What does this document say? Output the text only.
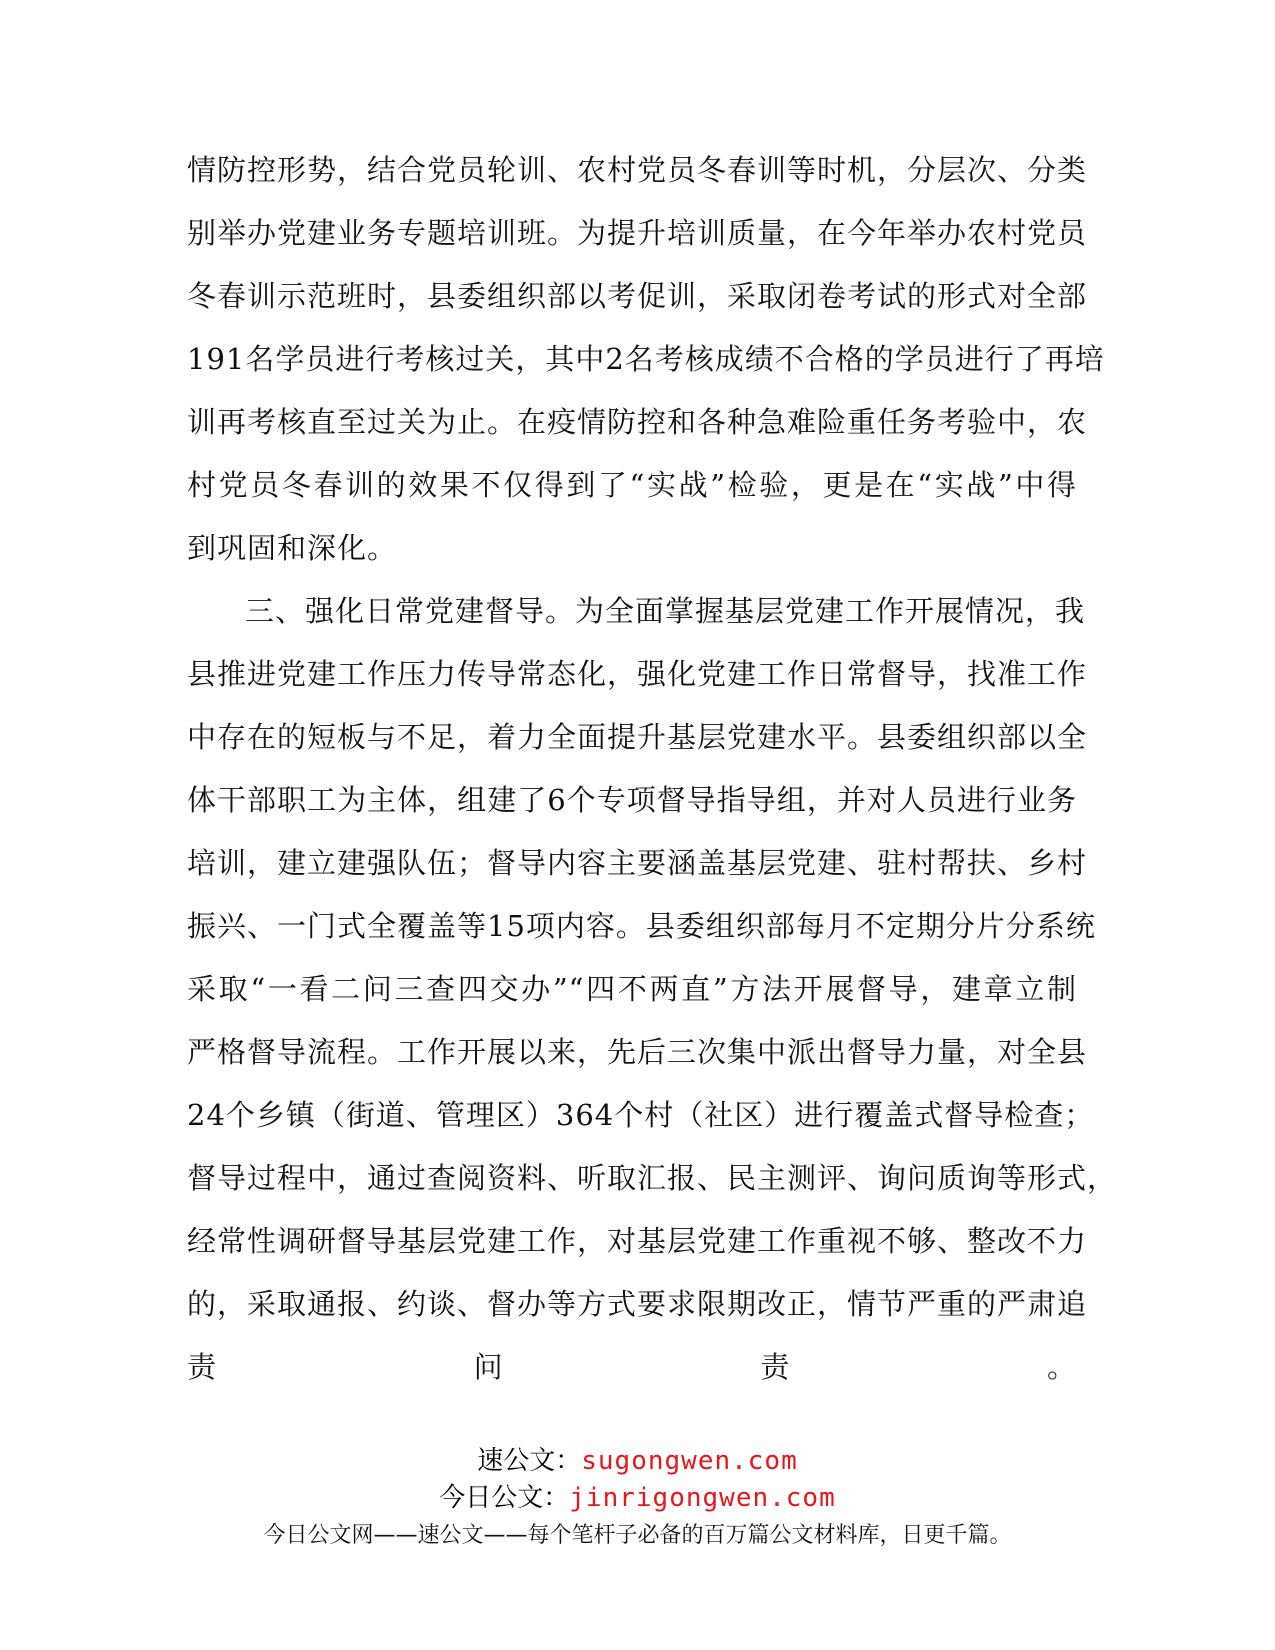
情防控形势，结合党员轮训、农村党员冬春训等时机，分层次、分类
别举办党建业务专题培训班。为提升培训质量，在今年举办农村党员
冬春训示范班时，县委组织部以考促训，采取闭卷考试的形式对全部
191名学员进行考核过关，其中2名考核成绩不合格的学员进行了再培
训再考核直至过关为止。在疫情防控和各种急难险重任务考验中，农
村党员冬春训的效果不仅得到了“实战”检验，更是在“实战”中得
到巩固和深化。
三、强化日常党建督导。为全面掌握基层党建工作开展情况，我
县推进党建工作压力传导常态化，强化党建工作日常督导，找准工作
中存在的短板与不足，着力全面提升基层党建水平。县委组织部以全
体干部职工为主体，组建了6个专项督导指导组，并对人员进行业务
培训，建立建强队伍；督导内容主要涵盖基层党建、驻村帮扶、乡村
振兴、一门式全覆盖等15项内容。县委组织部每月不定期分片分系统
采取“一看二问三查四交办”“四不两直”方法开展督导，建章立制
严格督导流程。工作开展以来，先后三次集中派出督导力量，对全县
24个乡镇（街道、管理区）364个村（社区）进行覆盖式督导检查；
督导过程中，通过查阅资料、听取汇报、民主测评、询问质询等形式，
经常性调研督导基层党建工作，对基层党建工作重视不够、整改不力
的，采取通报、约谈、督办等方式要求限期改正，情节严重的严肃追
责问责。
速公文：sugongwen.com
今日公文：jinrigongwen.com
今日公文网——速公文——每个笔杆子必备的百万篇公文材料库，日更千篇。
